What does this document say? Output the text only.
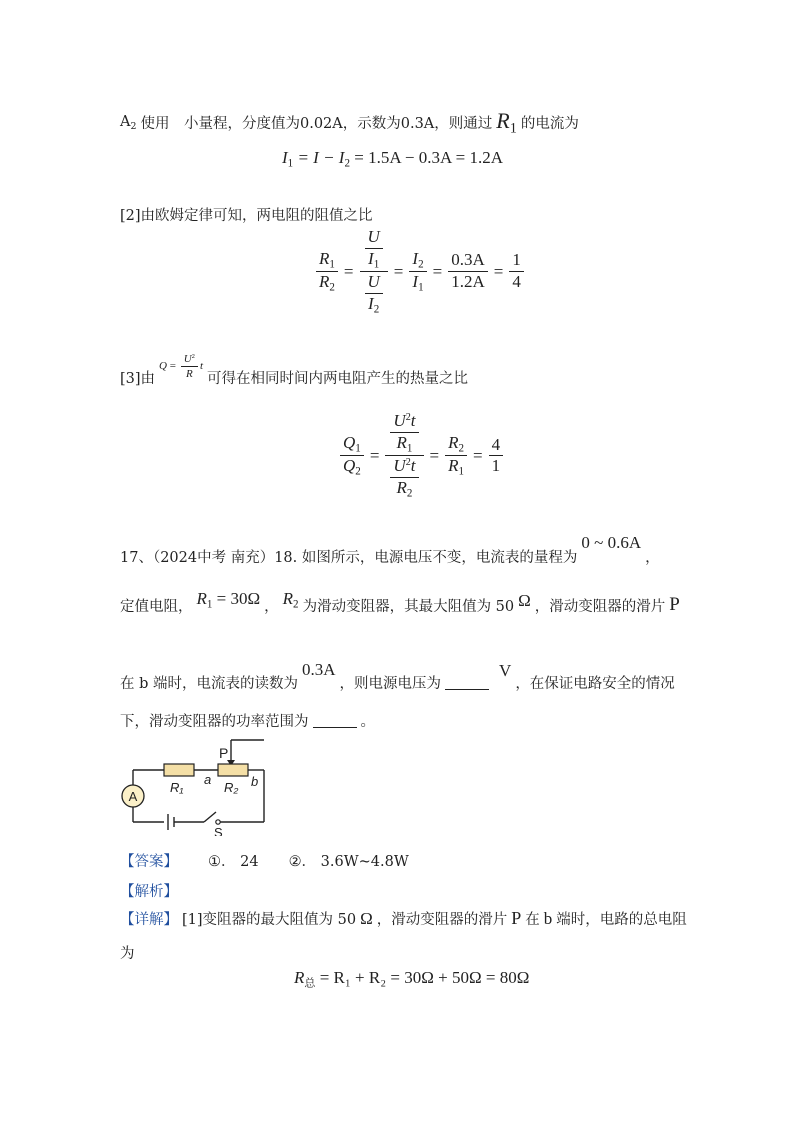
$A_2$ 使用　小量程，分度值为0.02A，示数为0.3A，则通过 $R_1$ 的电流为
$I_1 = I - I_2 = 1.5A - 0.3A = 1.2A$
[2]由欧姆定律可知，两电阻的阻值之比
$\frac{R_1}{R_2} = \frac{\frac{U}{I_1}}{\frac{U}{I_2}} = \frac{I_2}{I_1} = \frac{0.3A}{1.2A} = \frac{1}{4}$
[3]由
$Q = \frac{U^2}{R}$ t
可得在相同时间内两电阻产生的热量之比
$\frac{Q_1}{Q_2} = \frac{\frac{U^2t}{R_1}}{\frac{U^2t}{R_2}} = \frac{R_2}{R_1} = \frac{4}{1}$
17、（2024中考 南充）18. 如图所示，电源电压不变，电流表的量程为
0 ~ 0.6A
，
定值电阻， $R_1 = 30\Omega$ ， $R_2$ 为滑动变阻器，其最大阻值为 50 Ω ，滑动变阻器的滑片 P
在 b 端时，电流表的读数为
0.3A
，则电源电压为
V
，在保证电路安全的情况
下，滑动变阻器的功率范围为	。
A
P
R₁	R₂
a	b
S
【答案】 ①． 24 ②． 3.6W~4.8W
【解析】
【详解】 [1]变阻器的最大阻值为 50 Ω ，滑动变阻器的滑片 P 在 b 端时，电路的总电阻
为
$R_总 = R_1 + R_2 = 30\Omega + 50\Omega = 80\Omega$
